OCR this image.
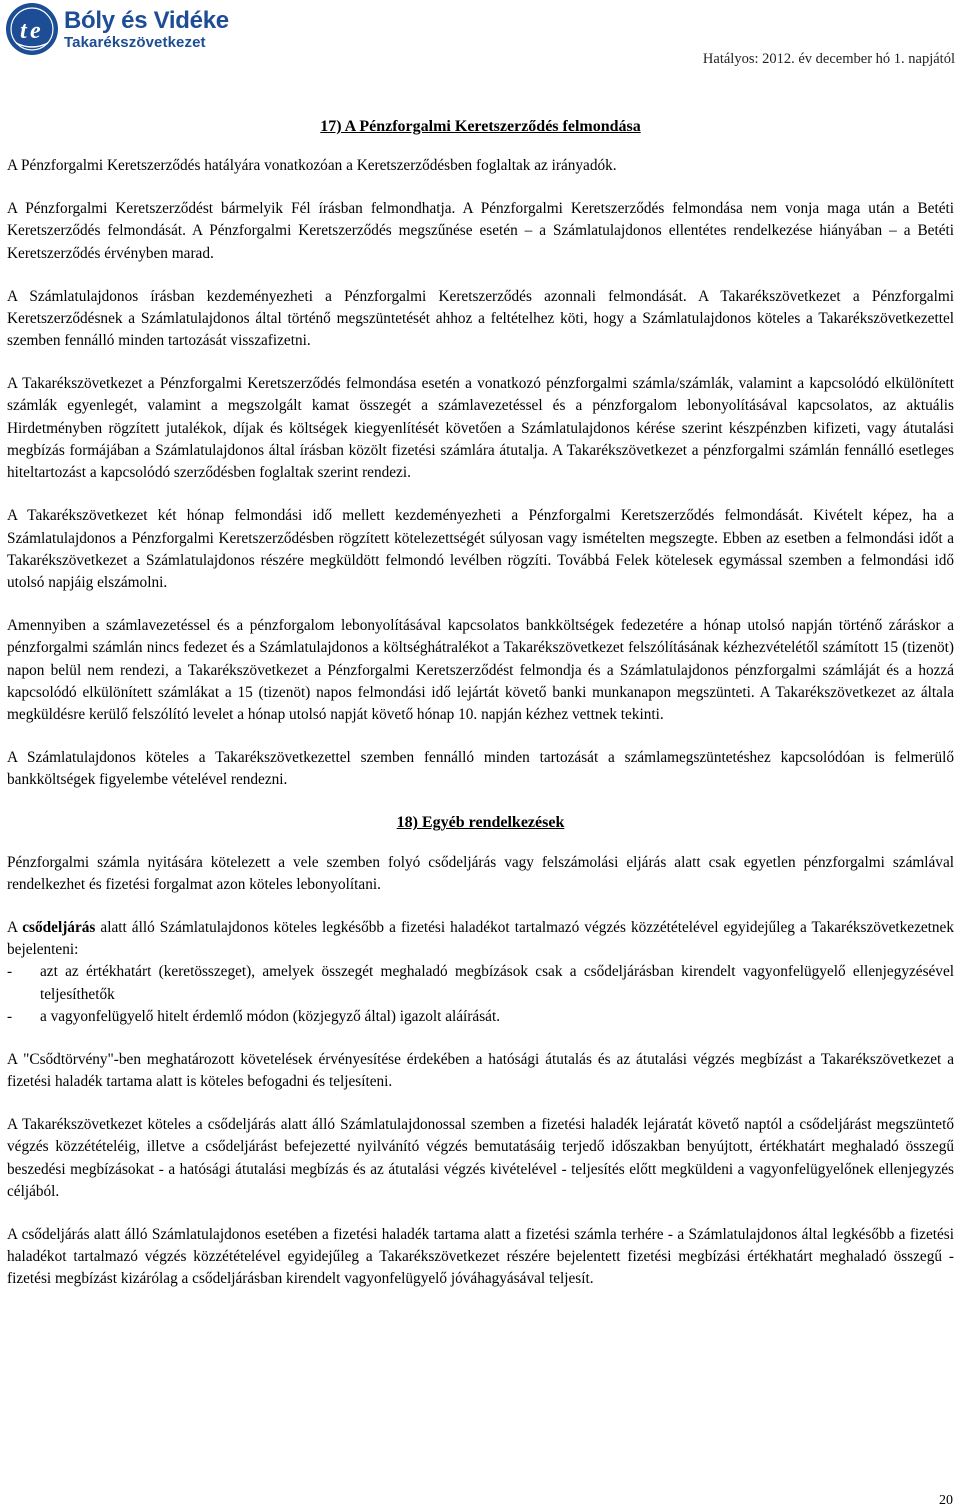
t e Bóly és Vidéke
Takarékszövetkezet
Hatályos: 2012. év december hó 1. napjától
17) A Pénzforgalmi Keretszerződés felmondása

A Pénzforgalmi Keretszerződés hatályára vonatkozóan a Keretszerződésben foglaltak az irányadók.

A Pénzforgalmi Keretszerződést bármelyik Fél írásban felmondhatja. A Pénzforgalmi Keretszerződés felmondása nem vonja maga után a Betéti Keretszerződés felmondását. A Pénzforgalmi Keretszerződés megszűnése esetén – a Számlatulajdonos ellentétes rendelkezése hiányában – a Betéti Keretszerződés érvényben marad.

A Számlatulajdonos írásban kezdeményezheti a Pénzforgalmi Keretszerződés azonnali felmondását. A Takarékszövetkezet a Pénzforgalmi Keretszerződésnek a Számlatulajdonos által történő megszüntetését ahhoz a feltételhez köti, hogy a Számlatulajdonos köteles a Takarékszövetkezettel szemben fennálló minden tartozását visszafizetni.

A Takarékszövetkezet a Pénzforgalmi Keretszerződés felmondása esetén a vonatkozó pénzforgalmi számla/számlák, valamint a kapcsolódó elkülönített számlák egyenlegét, valamint a megszolgált kamat összegét a számlavezetéssel és a pénzforgalom lebonyolításával kapcsolatos, az aktuális Hirdetményben rögzített jutalékok, díjak és költségek kiegyenlítését követően a Számlatulajdonos kérése szerint készpénzben kifizeti, vagy átutalási megbízás formájában a Számlatulajdonos által írásban közölt fizetési számlára átutalja. A Takarékszövetkezet a pénzforgalmi számlán fennálló esetleges hiteltartozást a kapcsolódó szerződésben foglaltak szerint rendezi.

A Takarékszövetkezet két hónap felmondási idő mellett kezdeményezheti a Pénzforgalmi Keretszerződés felmondását. Kivételt képez, ha a Számlatulajdonos a Pénzforgalmi Keretszerződésben rögzített kötelezettségét súlyosan vagy ismételten megszegte. Ebben az esetben a felmondási időt a Takarékszövetkezet a Számlatulajdonos részére megküldött felmondó levélben rögzíti. Továbbá Felek kötelesek egymással szemben a felmondási idő utolsó napjáig elszámolni.

Amennyiben a számlavezetéssel és a pénzforgalom lebonyolításával kapcsolatos bankköltségek fedezetére a hónap utolsó napján történő záráskor a pénzforgalmi számlán nincs fedezet és a Számlatulajdonos a költséghátralékot a Takarékszövetkezet felszólításának kézhezvételétől számított 15 (tizenöt) napon belül nem rendezi, a Takarékszövetkezet a Pénzforgalmi Keretszerződést felmondja és a Számlatulajdonos pénzforgalmi számláját és a hozzá kapcsolódó elkülönített számlákat a 15 (tizenöt) napos felmondási idő lejártát követő banki munkanapon megszünteti. A Takarékszövetkezet az általa megküldésre kerülő felszólító levelet a hónap utolsó napját követő hónap 10. napján kézhez vettnek tekinti.

A Számlatulajdonos köteles a Takarékszövetkezettel szemben fennálló minden tartozását a számlamegszüntetéshez kapcsolódóan is felmerülő bankköltségek figyelembe vételével rendezni.

18) Egyéb rendelkezések

Pénzforgalmi számla nyitására kötelezett a vele szemben folyó csődeljárás vagy felszámolási eljárás alatt csak egyetlen pénzforgalmi számlával rendelkezhet és fizetési forgalmat azon köteles lebonyolítani.

A csődeljárás alatt álló Számlatulajdonos köteles legkésőbb a fizetési haladékot tartalmazó végzés közzétételével egyidejűleg a Takarékszövetkezetnek bejelenteni:

-	azt az értékhatárt (keretösszeget), amelyek összegét meghaladó megbízások csak a csődeljárásban kirendelt vagyonfelügyelő ellenjegyzésével teljesíthetők
-	a vagyonfelügyelő hitelt érdemlő módon (közjegyző által) igazolt aláírását.

A "Csődtörvény"-ben meghatározott követelések érvényesítése érdekében a hatósági átutalás és az átutalási végzés megbízást a Takarékszövetkezet a fizetési haladék tartama alatt is köteles befogadni és teljesíteni.

A Takarékszövetkezet köteles a csődeljárás alatt álló Számlatulajdonossal szemben a fizetési haladék lejáratát követő naptól a csődeljárást megszüntető végzés közzétételéig, illetve a csődeljárást befejezetté nyilvánító végzés bemutatásáig terjedő időszakban benyújtott, értékhatárt meghaladó összegű beszedési megbízásokat - a hatósági átutalási megbízás és az átutalási végzés kivételével - teljesítés előtt megküldeni a vagyonfelügyelőnek ellenjegyzés céljából.

A csődeljárás alatt álló Számlatulajdonos esetében a fizetési haladék tartama alatt a fizetési számla terhére - a Számlatulajdonos által legkésőbb a fizetési haladékot tartalmazó végzés közzétételével egyidejűleg a Takarékszövetkezet részére bejelentett fizetési megbízási értékhatárt meghaladó összegű - fizetési megbízást kizárólag a csődeljárásban kirendelt vagyonfelügyelő jóváhagyásával teljesít.

20
